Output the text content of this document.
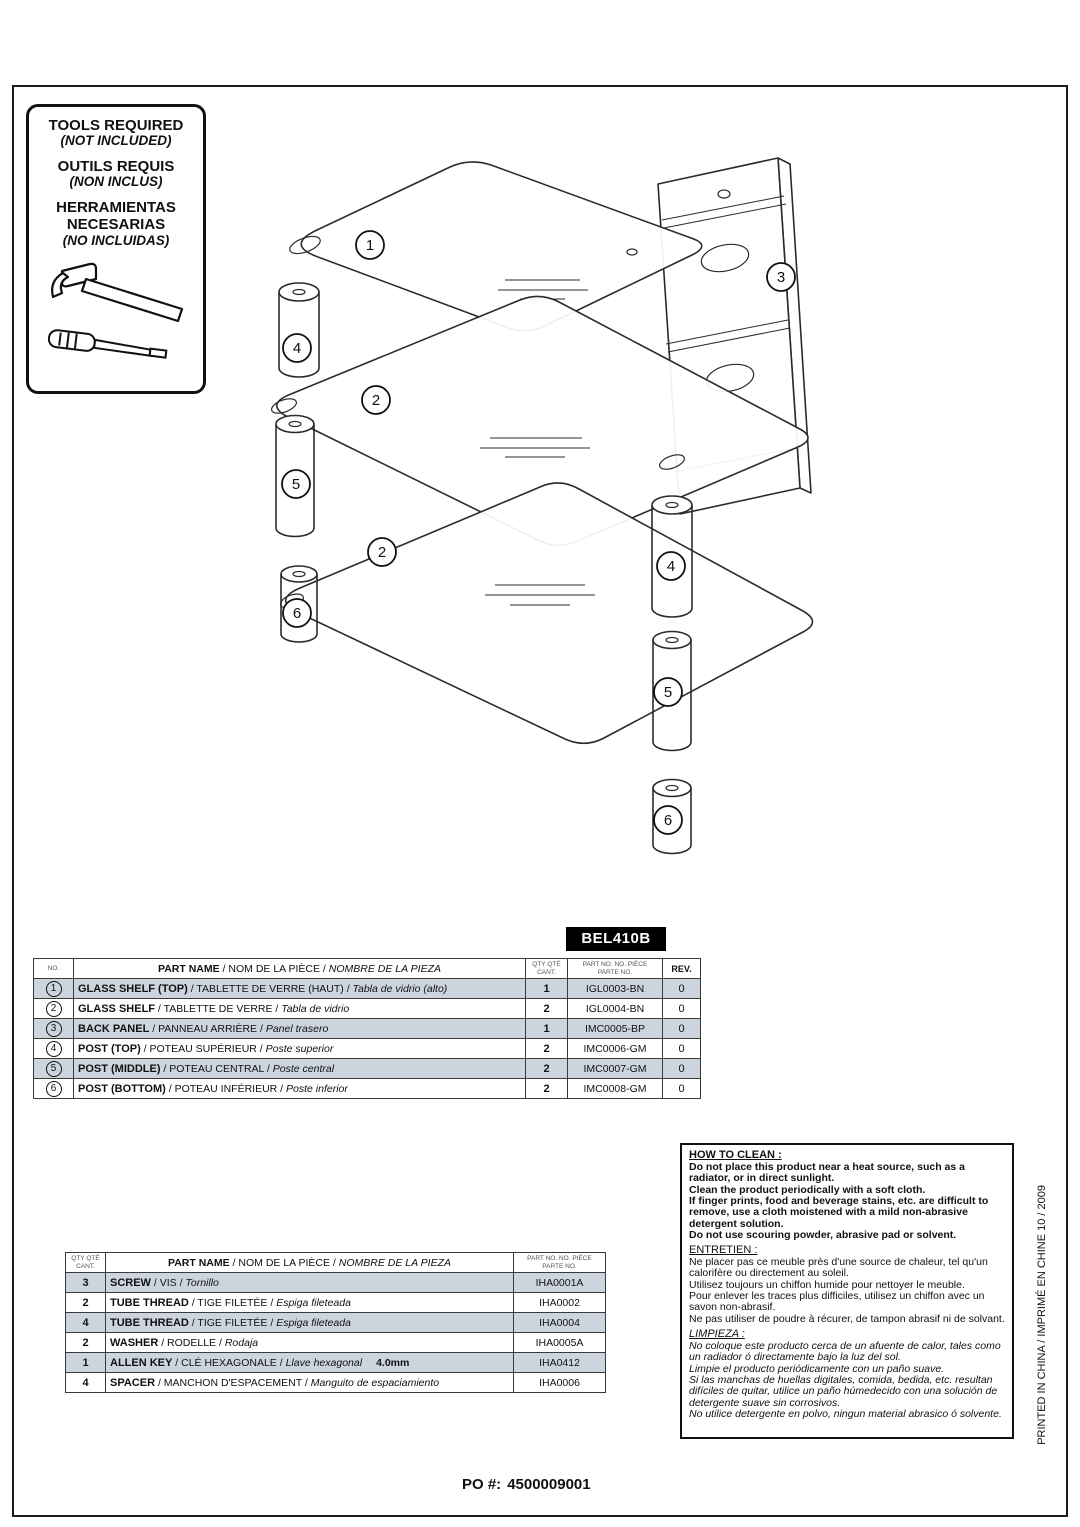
TOOLS REQUIRED
(NOT INCLUDED)
OUTILS REQUIS
(NON INCLUS)
HERRAMIENTAS
NECESARIAS
(NO INCLUIDAS)	1
3
4
2
5
2
4
6
5
6
BEL410B
NO.	PART NAME / NOM DE LA PIÈCE / NOMBRE DE LA PIEZA	QTY QTÉ CANT.	PART NO. NO. PIÈCE PARTE NO.	REV.
1	GLASS SHELF (TOP) / TABLETTE DE VERRE (HAUT) / Tabla de vidrio (alto)	1	IGL0003-BN	0
2	GLASS SHELF / TABLETTE DE VERRE / Tabla de vidrio	2	IGL0004-BN	0
3	BACK PANEL / PANNEAU ARRIÈRE / Panel trasero	1	IMC0005-BP	0
4	POST (TOP) / POTEAU SUPÉRIEUR / Poste superior	2	IMC0006-GM	0
5	POST (MIDDLE) / POTEAU CENTRAL / Poste central	2	IMC0007-GM	0
6	POST (BOTTOM) / POTEAU INFÉRIEUR / Poste inferior	2	IMC0008-GM	0
QTY QTÉ CANT.	PART NAME / NOM DE LA PIÈCE / NOMBRE DE LA PIEZA	PART NO. NO. PIÈCE PARTE NO.
3	SCREW / VIS / Tornillo	IHA0001A
2	TUBE THREAD / TIGE FILETÉE / Espiga fileteada	IHA0002
4	TUBE THREAD / TIGE FILETÉE / Espiga fileteada	IHA0004
2	WASHER / RODELLE / Rodaja	IHA0005A
1	ALLEN KEY / CLÉ HEXAGONALE / Llave hexagonal 4.0mm	IHA0412
4	SPACER / MANCHON D'ESPACEMENT / Manguito de espaciamiento	IHA0006
HOW TO CLEAN :
Do not place this product near a heat source, such as a radiator, or in direct sunlight.
Clean the product periodically with a soft cloth.
If finger prints, food and beverage stains, etc. are difficult to remove, use a cloth moistened with a mild non-abrasive detergent solution.
Do not use scouring powder, abrasive pad or solvent.
ENTRETIEN :
Ne placer pas ce meuble près d'une source de chaleur, tel qu'un calorifère ou directement au soleil.
Utilisez toujours un chiffon humide pour nettoyer le meuble.
Pour enlever les traces plus difficiles, utilisez un chiffon avec un savon non-abrasif.
Ne pas utiliser de poudre à récurer, de tampon abrasif ni de solvant.
LIMPIEZA :
No coloque este producto cerca de un afuente de calor, tales como un radiador ó directamente bajo la luz del sol.
Limpie el producto periódicamente con un paño suave.
Si las manchas de huellas digitales, comida, bedida, etc. resultan difíciles de quitar, utilice un paño húmedecido con una solución de detergente suave sin corrosivos.
No utilice detergente en polvo, ningun material abrasico ó solvente.	PRINTED IN CHINA / IMPRIMÉ EN CHINE 10 / 2009
PO #: 4500009001
